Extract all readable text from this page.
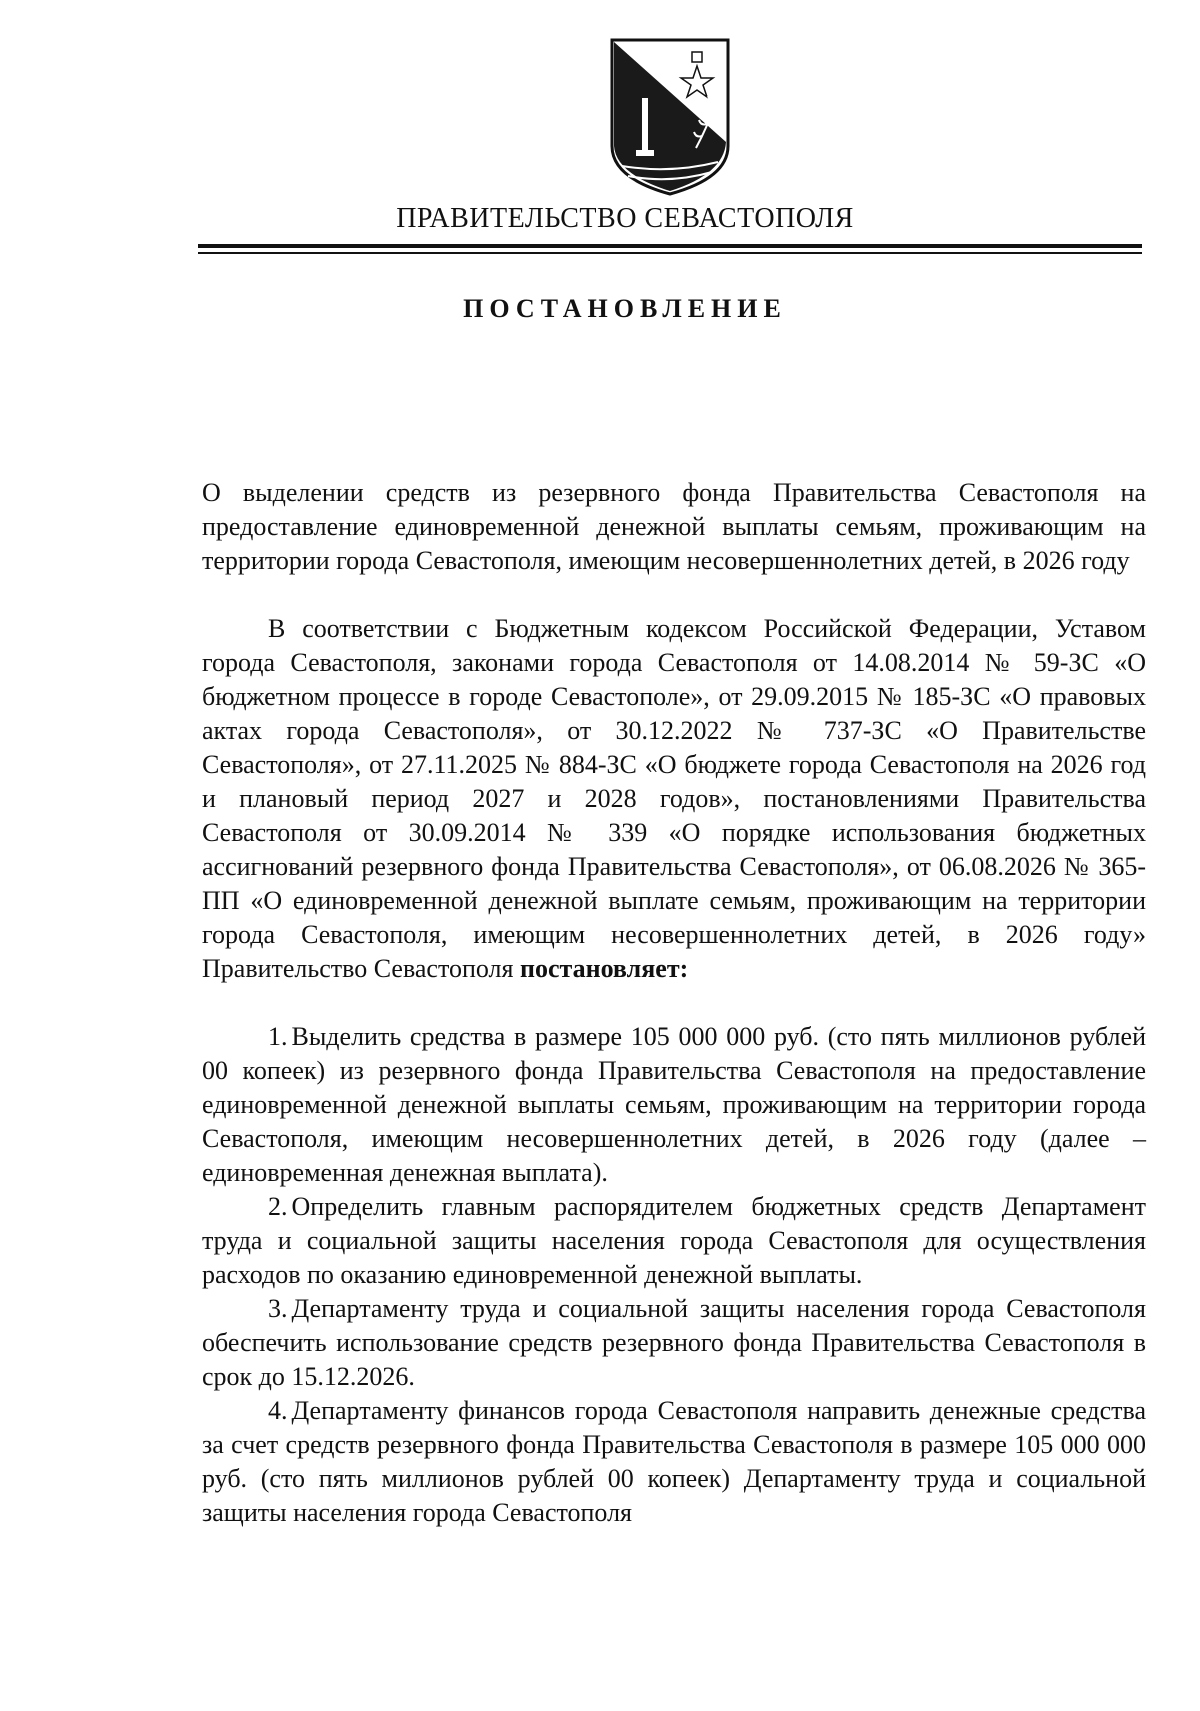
ПРАВИТЕЛЬСТВО СЕВАСТОПОЛЯ
ПОСТАНОВЛЕНИЕ

О выделении средств из резервного фонда Правительства Севастополя на предоставление единовременной денежной выплаты семьям, проживающим на территории города Севастополя, имеющим несовершеннолетних детей, в 2026 году

В соответствии с Бюджетным кодексом Российской Федерации, Уставом города Севастополя, законами города Севастополя от 14.08.2014 № 59-ЗС «О бюджетном процессе в городе Севастополе», от 29.09.2015 № 185-ЗС «О правовых актах города Севастополя», от 30.12.2022 № 737-ЗС «О Правительстве Севастополя», от 27.11.2025 № 884-ЗС «О бюджете города Севастополя на 2026 год и плановый период 2027 и 2028 годов», постановлениями Правительства Севастополя от 30.09.2014 № 339 «О порядке использования бюджетных ассигнований резервного фонда Правительства Севастополя», от 06.08.2026 № 365-ПП «О единовременной денежной выплате семьям, проживающим на территории города Севастополя, имеющим несовершеннолетних детей, в 2026 году» Правительство Севастополя постановляет:

1. Выделить средства в размере 105 000 000 руб. (сто пять миллионов рублей 00 копеек) из резервного фонда Правительства Севастополя на предоставление единовременной денежной выплаты семьям, проживающим на территории города Севастополя, имеющим несовершеннолетних детей, в 2026 году (далее – единовременная денежная выплата).

2. Определить главным распорядителем бюджетных средств Департамент труда и социальной защиты населения города Севастополя для осуществления расходов по оказанию единовременной денежной выплаты.

3. Департаменту труда и социальной защиты населения города Севастополя обеспечить использование средств резервного фонда Правительства Севастополя в срок до 15.12.2026.

4. Департаменту финансов города Севастополя направить денежные средства за счет средств резервного фонда Правительства Севастополя в размере 105 000 000 руб. (сто пять миллионов рублей 00 копеек) Департаменту труда и социальной защиты населения города Севастополя
